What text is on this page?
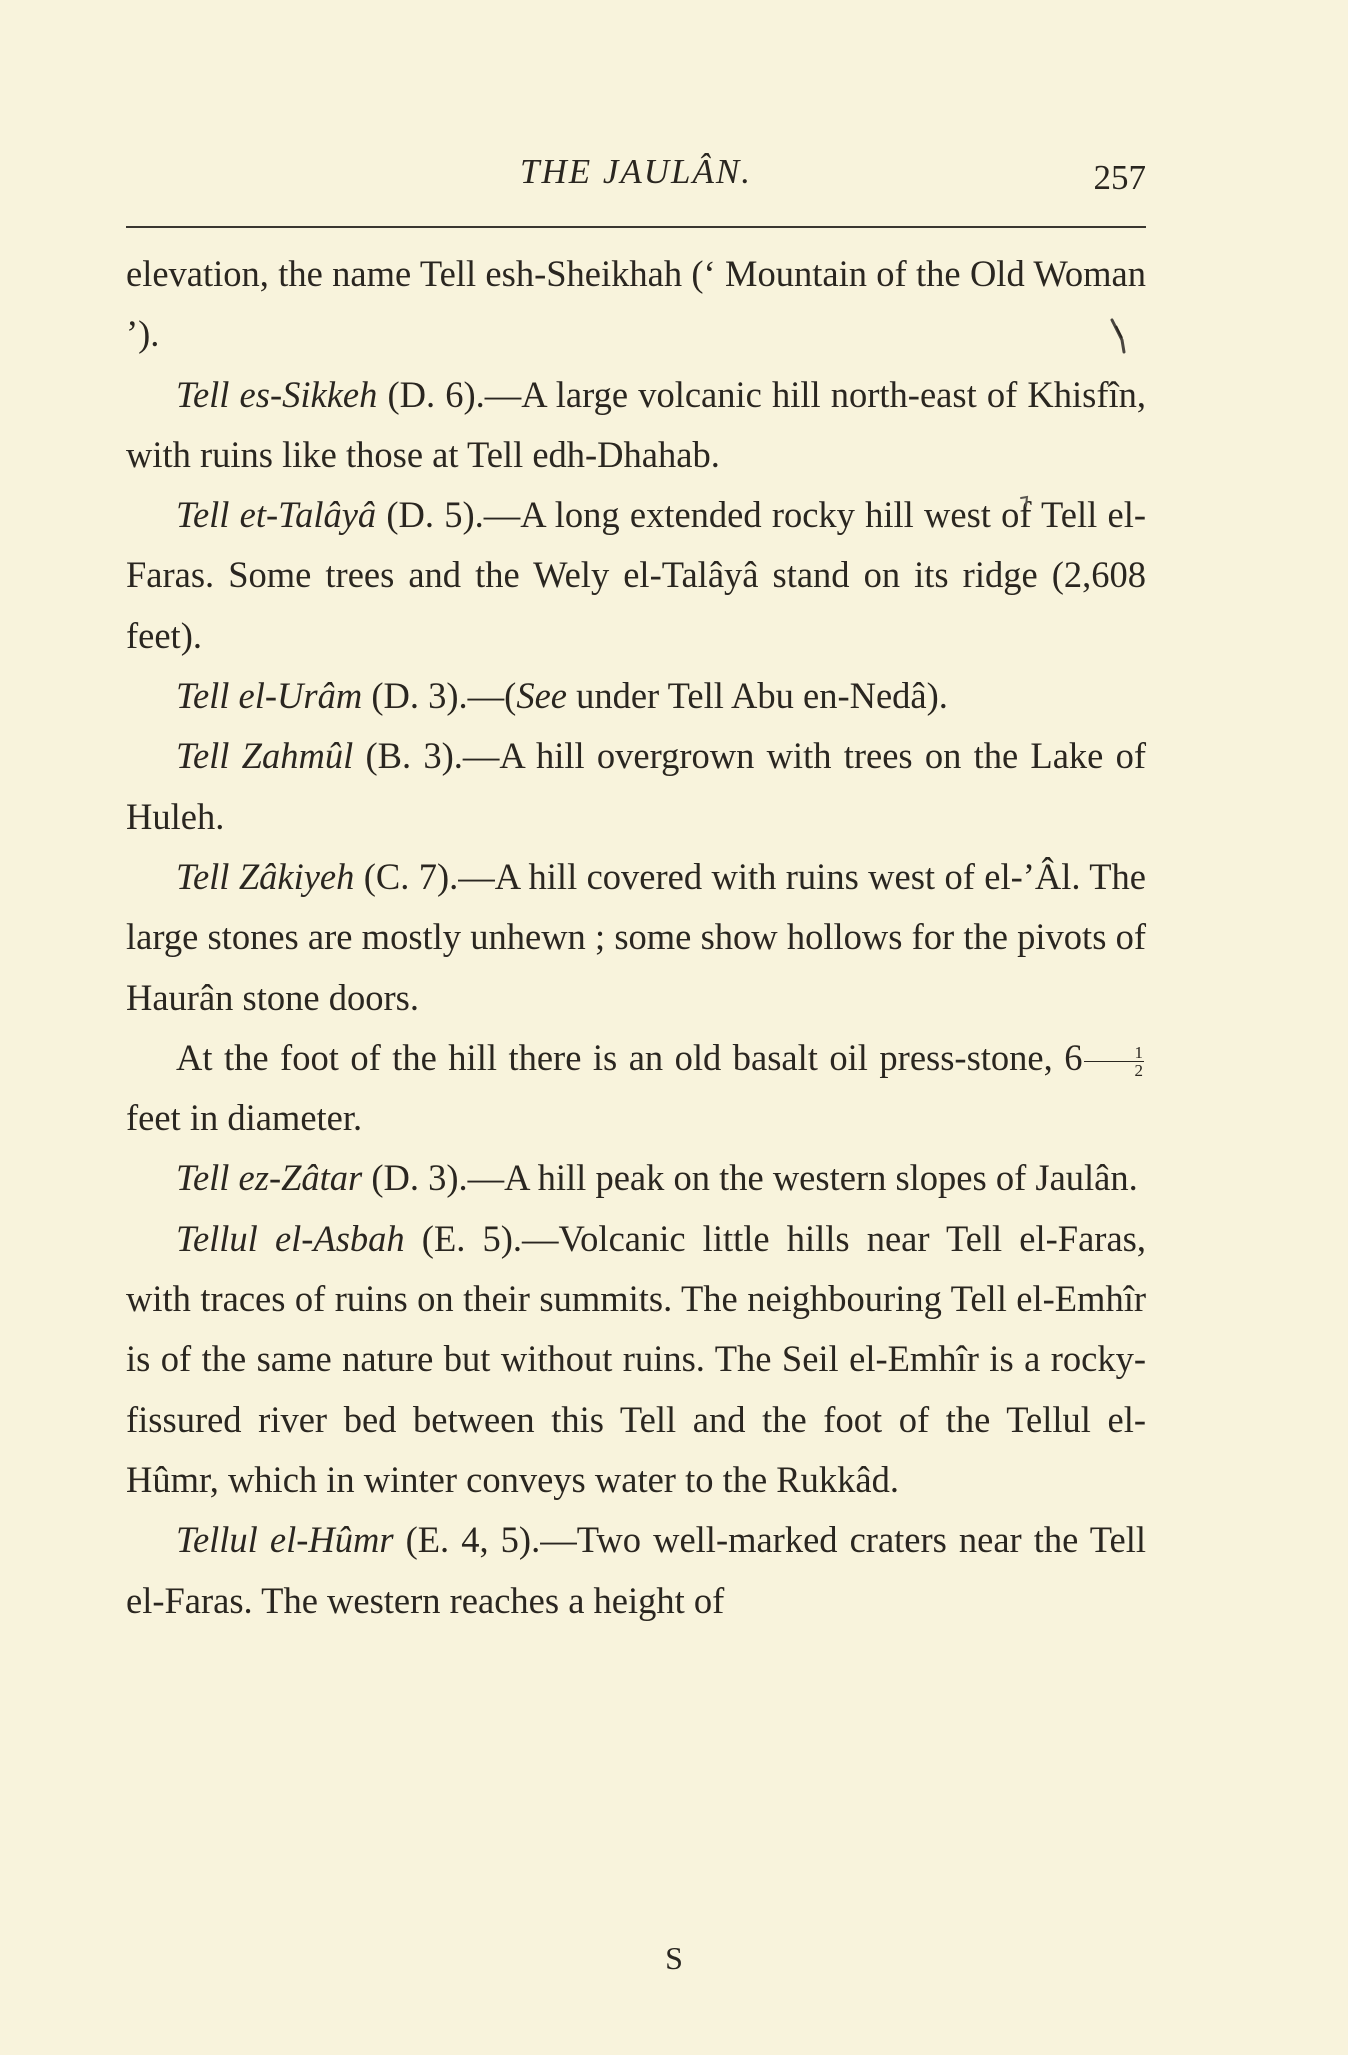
THE JAULÂN.	257

elevation, the name Tell esh-Sheikhah (‘ Mountain of the Old Woman ’).

Tell es-Sikkeh (D. 6).—A large volcanic hill north-east of Khisfîn, with ruins like those at Tell edh-Dhahab.

Tell et-Talâyâ (D. 5).—A long extended rocky hill west of Tell el-Faras. Some trees and the Wely el-Talâyâ stand on its ridge (2,608 feet).

Tell el-Urâm (D. 3).—(See under Tell Abu en-Nedâ).

Tell Zahmûl (B. 3).—A hill overgrown with trees on the Lake of Huleh.

Tell Zâkiyeh (C. 7).—A hill covered with ruins west of el-’Âl. The large stones are mostly unhewn ; some show hollows for the pivots of Haurân stone doors.

At the foot of the hill there is an old basalt oil press-stone, $6 \frac{1}{2}$
feet in diameter.

Tell ez-Zâtar (D. 3).—A hill peak on the western slopes of Jaulân.

Tellul el-Asbah (E. 5).—Volcanic little hills near Tell el-Faras, with traces of ruins on their summits. The neighbouring Tell el-Emhîr is of the same nature but without ruins. The Seil el-Emhîr is a rocky-fissured river bed between this Tell and the foot of the Tellul el-Hûmr, which in winter conveys water to the Rukkâd.

Tellul el-Hûmr (E. 4, 5).—Two well-marked craters near the Tell el-Faras. The western reaches a height of

S
